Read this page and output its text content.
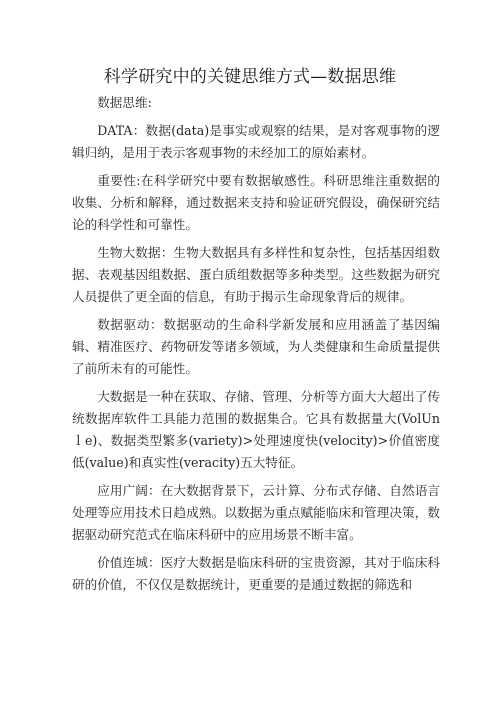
科学研究中的关键思维方式—数据思维

数据思维:

DATA：数据(data)是事实或观察的结果，是对客观事物的逻辑归纳，是用于表示客观事物的未经加工的原始素材。

重要性:在科学研究中要有数据敏感性。科研思维注重数据的收集、分析和解释，通过数据来支持和验证研究假设，确保研究结论的科学性和可靠性。

生物大数据：生物大数据具有多样性和复杂性，包括基因组数据、表观基因组数据、蛋白质组数据等多种类型。这些数据为研究人员提供了更全面的信息，有助于揭示生命现象背后的规律。

数据驱动：数据驱动的生命科学新发展和应用涵盖了基因编辑、精准医疗、药物研发等诸多领域，为人类健康和生命质量提供了前所未有的可能性。

大数据是一种在获取、存储、管理、分析等方面大大超出了传统数据库软件工具能力范围的数据集合。它具有数据量大(VolUnｌe)、数据类型繁多(variety)>处理速度快(velocity)>价值密度低(value)和真实性(veracity)五大特征。

应用广阔：在大数据背景下，云计算、分布式存储、自然语言处理等应用技术日趋成熟。以数据为重点赋能临床和管理决策，数据驱动研究范式在临床科研中的应用场景不断丰富。

价值连城：医疗大数据是临床科研的宝贵资源，其对于临床科研的价值，不仅仅是数据统计，更重要的是通过数据的筛选和
